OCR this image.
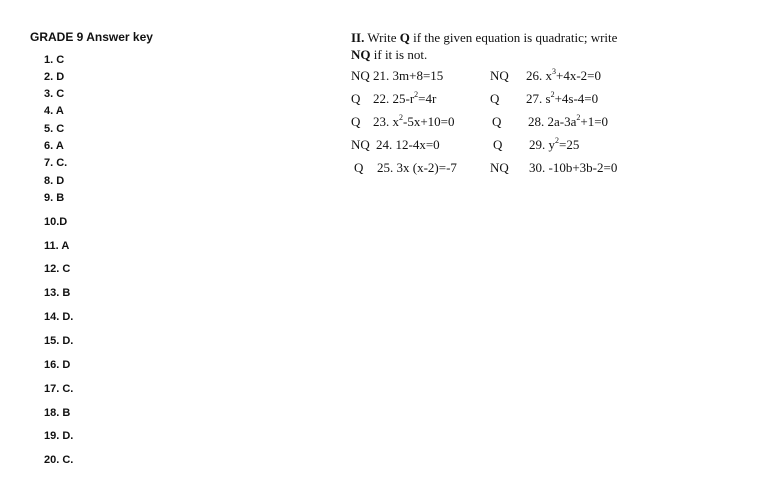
GRADE 9 Answer key
1. C
2. D
3. C
4. A
5. C
6. A
7. C.
8. D
9. B
10.D
11. A
12. C
13. B
14. D.
15. D.
16. D
17. C.
18. B
19. D.
20. C.

II. Write Q if the given equation is quadratic; write
NQ if it is not.

NQ 21. 3m+8=15	NQ 26. $x^3+4x-2=0$
Q 22. $25-r^2=4r$	Q 27. $s^2+4s-4=0$
Q 23. $x^2-5x+10=0$	Q 28. $2a-3a^2+1=0$
NQ 24. 12-4x=0	Q 29. $y^2=25$
Q 25. 3x (x-2)=-7	NQ 30. -10b+3b-2=0
